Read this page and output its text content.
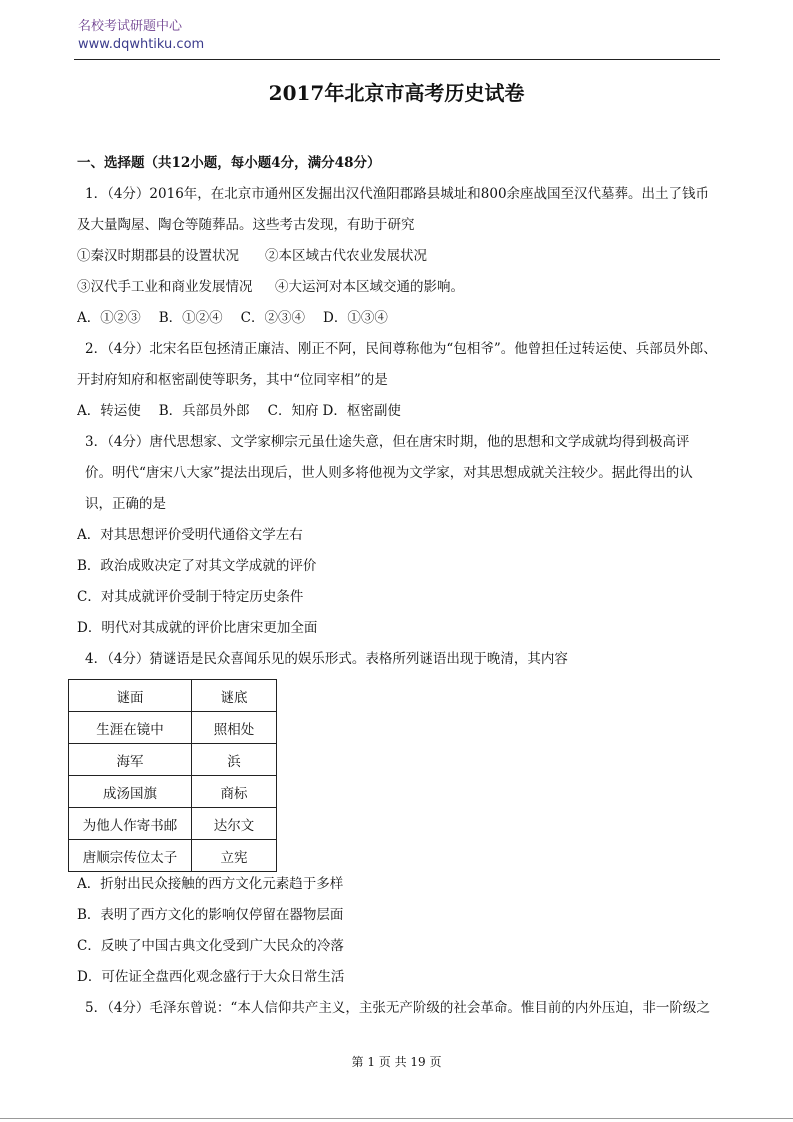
名校考试研题中心
www.dqwhtiku.com
2017年北京市高考历史试卷
一、选择题（共12小题，每小题4分，满分48分）
1．（4分）2016年，在北京市通州区发掘出汉代渔阳郡路县城址和800余座战国至汉代墓葬。出土了钱币
及大量陶屋、陶仓等随葬品。这些考古发现，有助于研究
①秦汉时期郡县的设置状况 ②本区域古代农业发展状况
③汉代手工业和商业发展情况 ④大运河对本区域交通的影响。
A．①②③ B．①②④ C．②③④ D．①③④
2．（4分）北宋名臣包拯清正廉洁、刚正不阿，民间尊称他为“包相爷”。他曾担任过转运使、兵部员外郎、
开封府知府和枢密副使等职务，其中“位同宰相”的是
A．转运使 B．兵部员外郎 C．知府 D．枢密副使
3．（4分）唐代思想家、文学家柳宗元虽仕途失意，但在唐宋时期，他的思想和文学成就均得到极高评
价。明代“唐宋八大家”提法出现后，世人则多将他视为文学家，对其思想成就关注较少。据此得出的认
识，正确的是
A．对其思想评价受明代通俗文学左右
B．政治成败决定了对其文学成就的评价
C．对其成就评价受制于特定历史条件
D．明代对其成就的评价比唐宋更加全面
4．（4分）猜谜语是民众喜闻乐见的娱乐形式。表格所列谜语出现于晚清，其内容
谜面	谜底
生涯在镜中	照相处
海军	浜
成汤国旗	商标
为他人作寄书邮	达尔文
唐顺宗传位太子	立宪
A．折射出民众接触的西方文化元素趋于多样
B．表明了西方文化的影响仅停留在器物层面
C．反映了中国古典文化受到广大民众的冷落
D．可佐证全盘西化观念盛行于大众日常生活
5．（4分）毛泽东曾说：“本人信仰共产主义，主张无产阶级的社会革命。惟目前的内外压迫，非一阶级之
第 1 页 共 19 页
